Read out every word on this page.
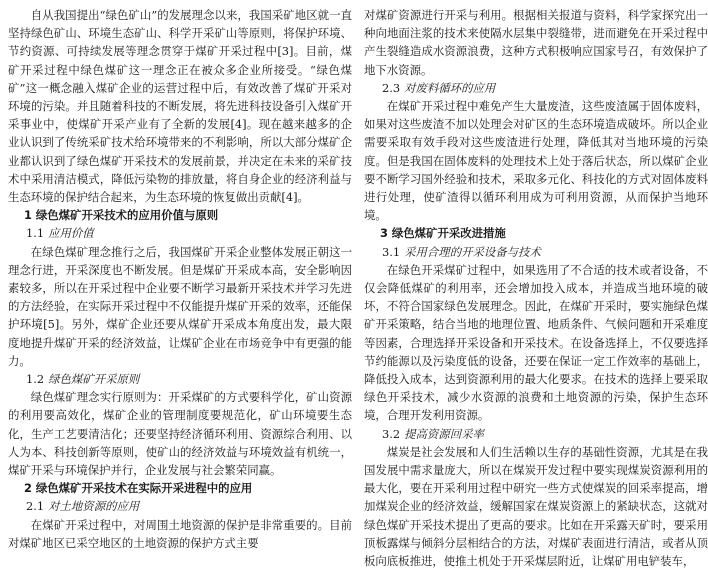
自从我国提出“绿色矿山”的发展理念以来，我国采矿地区就一直坚持绿色矿山、环境生态矿山、科学开采矿山等原则，将保护环境、节约资源、可持续发展等理念贯穿于煤矿开采过程中[3]。目前，煤矿开采过程中绿色煤矿这一理念正在被众多企业所接受。“绿色煤矿”这一概念融入煤矿企业的运营过程中后，有效改善了煤矿开采对环境的污染。并且随着科技的不断发展，将先进科技设备引入煤矿开采事业中，使煤矿开采产业有了全新的发展[4]。现在越来越多的企业认识到了传统采矿技术给环境带来的不利影响，所以大部分煤矿企业都认识到了绿色煤矿开采技术的发展前景，并决定在未来的采矿技术中采用清洁模式，降低污染物的排放量，将自身企业的经济利益与生态环境的保护结合起来，为生态环境的恢复做出贡献[4]。

1 绿色煤矿开采技术的应用价值与原则

1.1 应用价值

在绿色煤矿理念推行之后，我国煤矿开采企业整体发展正朝这一理念行进，开采深度也不断发展。但是煤矿开采成本高，安全影响因素较多，所以在开采过程中企业要不断学习最新开采技术并学习先进的方法经验，在实际开采过程中不仅能提升煤矿开采的效率，还能保护环境[5]。另外，煤矿企业还要从煤矿开采成本角度出发，最大限度地提升煤矿开采的经济效益，让煤矿企业在市场竞争中有更强的能力。

1.2 绿色煤矿开采原则

绿色煤矿理念实行原则为：开采煤矿的方式要科学化，矿山资源的利用要高效化，煤矿企业的管理制度要规范化，矿山环境要生态化，生产工艺要清洁化；还要坚持经济循环利用、资源综合利用、以人为本、科技创新等原则，使矿山的经济效益与环境效益有机统一，煤矿开采与环境保护并行，企业发展与社会繁荣同赢。

2 绿色煤矿开采技术在实际开采进程中的应用

2.1 对土地资源的应用

在煤矿开采过程中，对周围土地资源的保护是非常重要的。目前对煤矿地区已采空地区的土地资源的保护方式主要

对煤矿资源进行开采与利用。根据相关报道与资料，科学家探究出一种向地面注浆的技术来使隔水层集中裂缝带，进而避免在开采过程中产生裂缝造成水资源浪费，这种方式积极响应国家号召，有效保护了地下水资源。

2.3 对废料循环的应用

在煤矿开采过程中难免产生大量废渣，这些废渣属于固体废料，如果对这些废渣不加以处理会对矿区的生态环境造成破坏。所以企业需要采取有效手段对这些废渣进行处理，降低其对当地环境的污染度。但是我国在固体废料的处理技术上处于落后状态，所以煤矿企业要不断学习国外经验和技术，采取多元化、科技化的方式对固体废料进行处理，使矿渣得以循环利用成为可利用资源，从而保护当地环境。

3 绿色煤矿开采改进措施

3.1 采用合理的开采设备与技术

在绿色开采煤矿过程中，如果选用了不合适的技术或者设备，不仅会降低煤矿的利用率，还会增加投入成本，并造成当地环境的破坏，不符合国家绿色发展理念。因此，在煤矿开采时，要实施绿色煤矿开采策略，结合当地的地理位置、地质条件、气候问题和开采难度等因素，合理选择开采设备和开采技术。在设备选择上，不仅要选择节约能源以及污染度低的设备，还要在保证一定工作效率的基础上，降低投入成本，达到资源利用的最大化要求。在技术的选择上要采取绿色开采技术，减少水资源的浪费和土地资源的污染，保护生态环境，合理开发利用资源。

3.2 提高资源回采率

煤炭是社会发展和人们生活赖以生存的基础性资源，尤其是在我国发展中需求量庞大，所以在煤炭开发过程中要实现煤炭资源利用的最大化，要在开采利用过程中研究一些方式使煤炭的回采率提高，增加煤炭企业的经济效益，缓解国家在煤炭资源上的紧缺状态，这就对绿色煤矿开采技术提出了更高的要求。比如在开采露天矿时，要采用顶板露煤与倾斜分层相结合的方法，对煤矿表面进行清洁，或者从顶板向底板推进，使推土机处于开采煤层附近，让煤矿用电铲装车，
